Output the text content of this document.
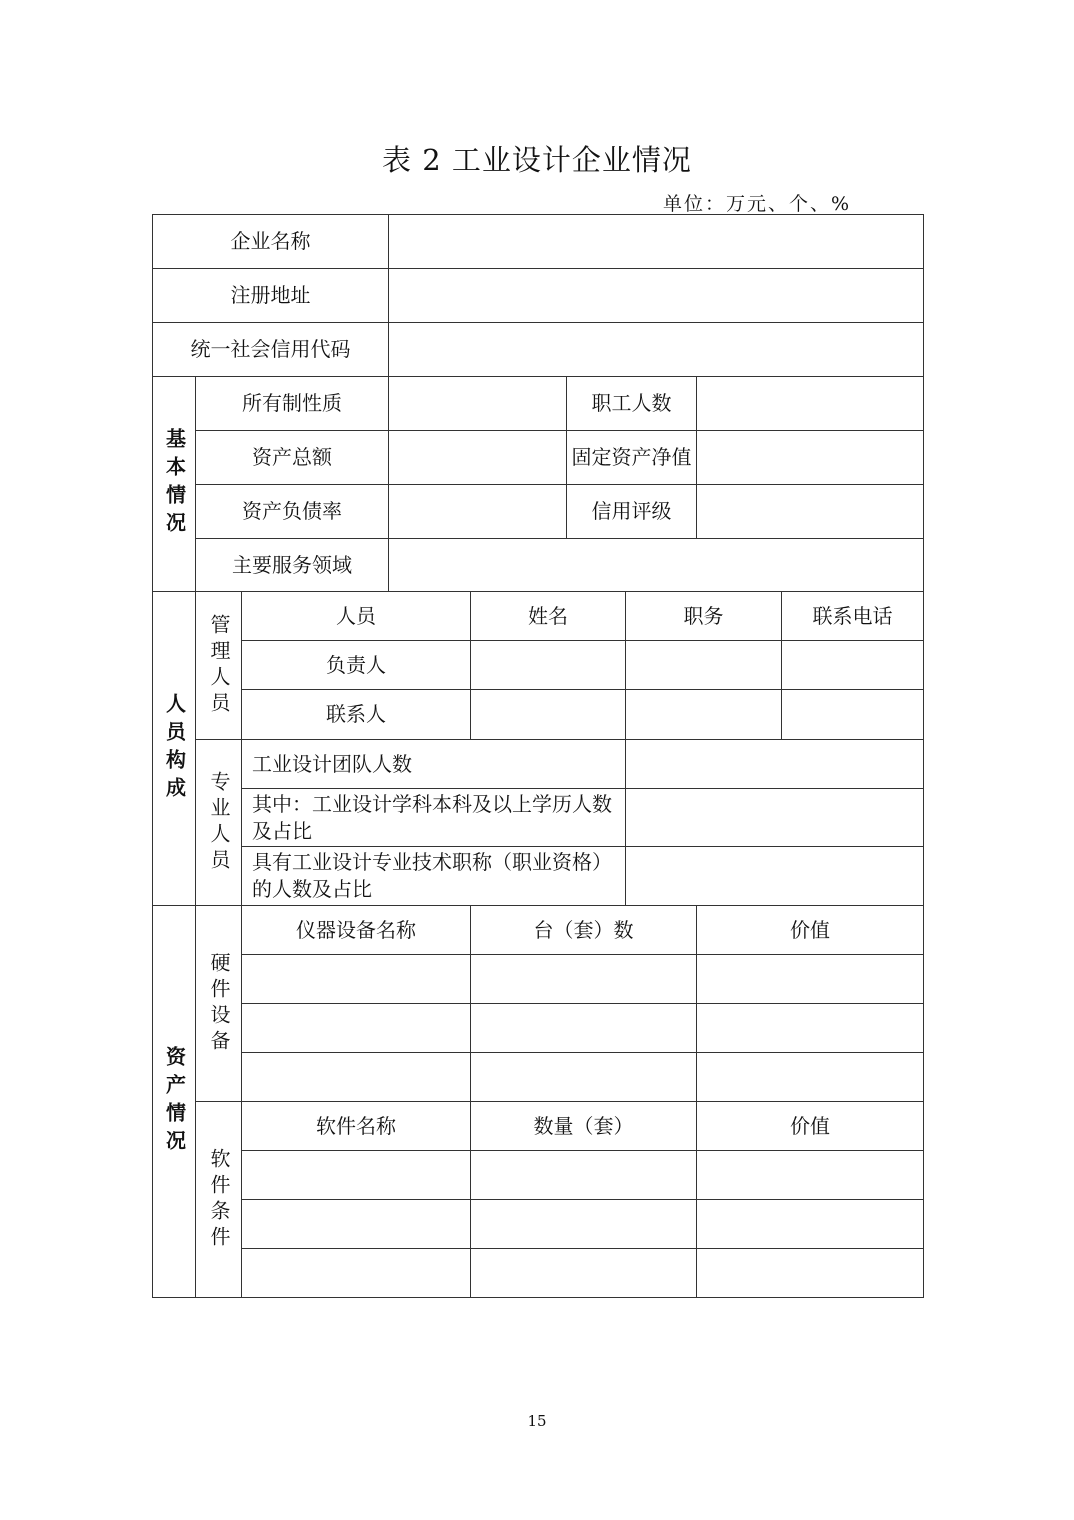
表 2 工业设计企业情况
单位：万元、个、%
企业名称								
注册地址								
统一社会信用代码								

基本情况	所有制性质				职工人数			
	资产总额				固定资产净值			
	资产负债率				信用评级			
	主要服务领域							

人员构成	管理人员	人员		姓名		职务		联系电话
		负责人						
		联系人						

	专业人员	工业设计团队人数						
		其中：工业设计学科本科及以上学历人数及占比						
		具有工业设计专业技术职称（职业资格）的人数及占比						

资产情况	硬件设备	仪器设备名称		台（套）数			价值	

	软件条件	软件名称		数量（套）			价值	

15
